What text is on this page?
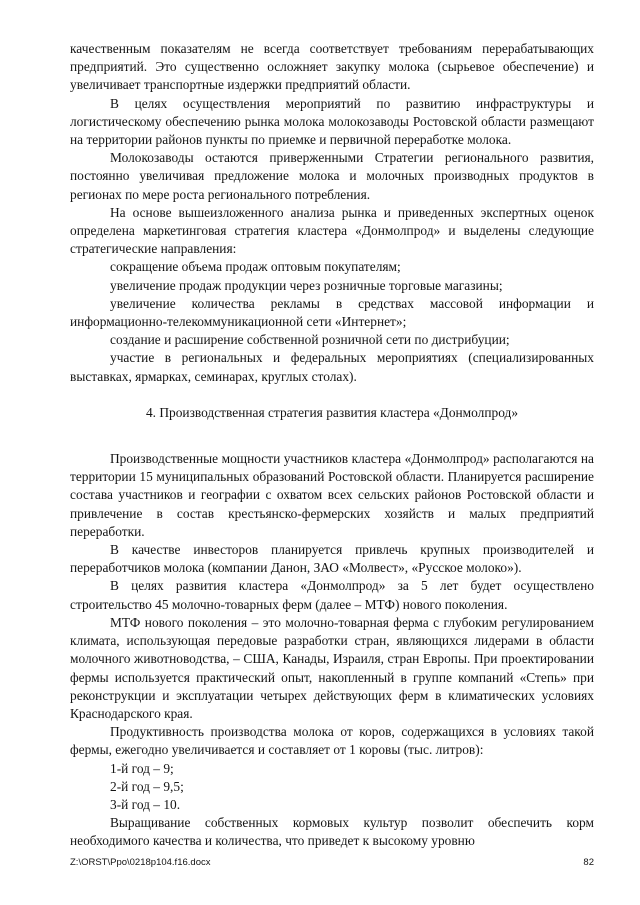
качественным показателям не всегда соответствует требованиям перерабатывающих предприятий. Это существенно осложняет закупку молока (сырьевое обеспечение) и увеличивает транспортные издержки предприятий области.

В целях осуществления мероприятий по развитию инфраструктуры и логистическому обеспечению рынка молока молокозаводы Ростовской области размещают на территории районов пункты по приемке и первичной переработке молока.

Молокозаводы остаются приверженными Стратегии регионального развития, постоянно увеличивая предложение молока и молочных производных продуктов в регионах по мере роста регионального потребления.

На основе вышеизложенного анализа рынка и приведенных экспертных оценок определена маркетинговая стратегия кластера «Донмолпрод» и выделены следующие стратегические направления:

сокращение объема продаж оптовым покупателям;

увеличение продаж продукции через розничные торговые магазины;

увеличение количества рекламы в средствах массовой информации и информационно-телекоммуникационной сети «Интернет»;

создание и расширение собственной розничной сети по дистрибуции;

участие в региональных и федеральных мероприятиях (специализированных выставках, ярмарках, семинарах, круглых столах).

4. Производственная стратегия развития кластера «Донмолпрод»

Производственные мощности участников кластера «Донмолпрод» располагаются на территории 15 муниципальных образований Ростовской области. Планируется расширение состава участников и географии с охватом всех сельских районов Ростовской области и привлечение в состав крестьянско-фермерских хозяйств и малых предприятий переработки.

В качестве инвесторов планируется привлечь крупных производителей и переработчиков молока (компании Данон, ЗАО «Молвест», «Русское молоко»).

В целях развития кластера «Донмолпрод» за 5 лет будет осуществлено строительство 45 молочно-товарных ферм (далее – МТФ) нового поколения.

МТФ нового поколения – это молочно-товарная ферма с глубоким регулированием климата, использующая передовые разработки стран, являющихся лидерами в области молочного животноводства, – США, Канады, Израиля, стран Европы. При проектировании фермы используется практический опыт, накопленный в группе компаний «Степь» при реконструкции и эксплуатации четырех действующих ферм в климатических условиях Краснодарского края.

Продуктивность производства молока от коров, содержащихся в условиях такой фермы, ежегодно увеличивается и составляет от 1 коровы (тыс. литров):

1-й год – 9;

2-й год – 9,5;

3-й год – 10.

Выращивание собственных кормовых культур позволит обеспечить корм необходимого качества и количества, что приведет к высокому уровню

Z:\ORST\Ppo\0218p104.f16.docx	82
